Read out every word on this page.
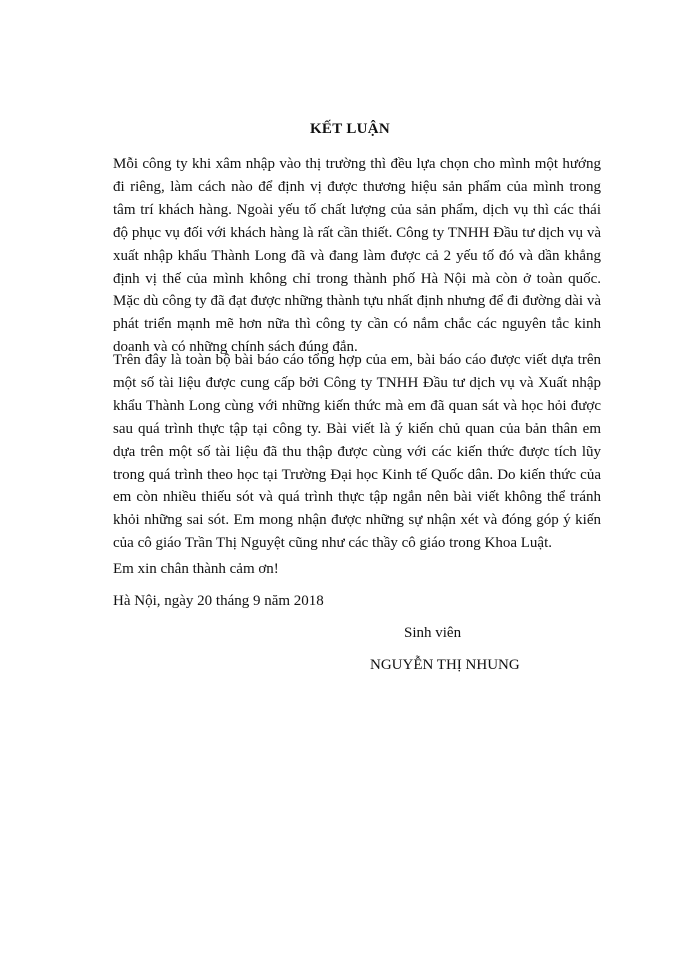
KẾT LUẬN

Mỗi công ty khi xâm nhập vào thị trường thì đều lựa chọn cho mình một hướng đi riêng, làm cách nào để định vị được thương hiệu sản phẩm của mình trong tâm trí khách hàng. Ngoài yếu tố chất lượng của sản phẩm, dịch vụ thì các thái độ phục vụ đối với khách hàng là rất cần thiết. Công ty TNHH Đầu tư dịch vụ và xuất nhập khẩu Thành Long đã và đang làm được cả 2 yếu tố đó và dần khẳng định vị thế của mình không chỉ trong thành phố Hà Nội mà còn ở toàn quốc. Mặc dù công ty đã đạt được những thành tựu nhất định nhưng để đi đường dài và phát triển mạnh mẽ hơn nữa thì công ty cần có nắm chắc các nguyên tắc kinh doanh và có những chính sách đúng đắn.

Trên đây là toàn bộ bài báo cáo tổng hợp của em, bài báo cáo được viết dựa trên một số tài liệu được cung cấp bởi Công ty TNHH Đầu tư dịch vụ và Xuất nhập khẩu Thành Long cùng với những kiến thức mà em đã quan sát và học hỏi được sau quá trình thực tập tại công ty. Bài viết là ý kiến chủ quan của bản thân em dựa trên một số tài liệu đã thu thập được cùng với các kiến thức được tích lũy trong quá trình theo học tại Trường Đại học Kinh tế Quốc dân. Do kiến thức của em còn nhiều thiếu sót và quá trình thực tập ngắn nên bài viết không thể tránh khỏi những sai sót. Em mong nhận được những sự nhận xét và đóng góp ý kiến của cô giáo Trần Thị Nguyệt cũng như các thầy cô giáo trong Khoa Luật.

Em xin chân thành cảm ơn!

Hà Nội, ngày 20 tháng 9 năm 2018

Sinh viên

NGUYỄN THỊ NHUNG
